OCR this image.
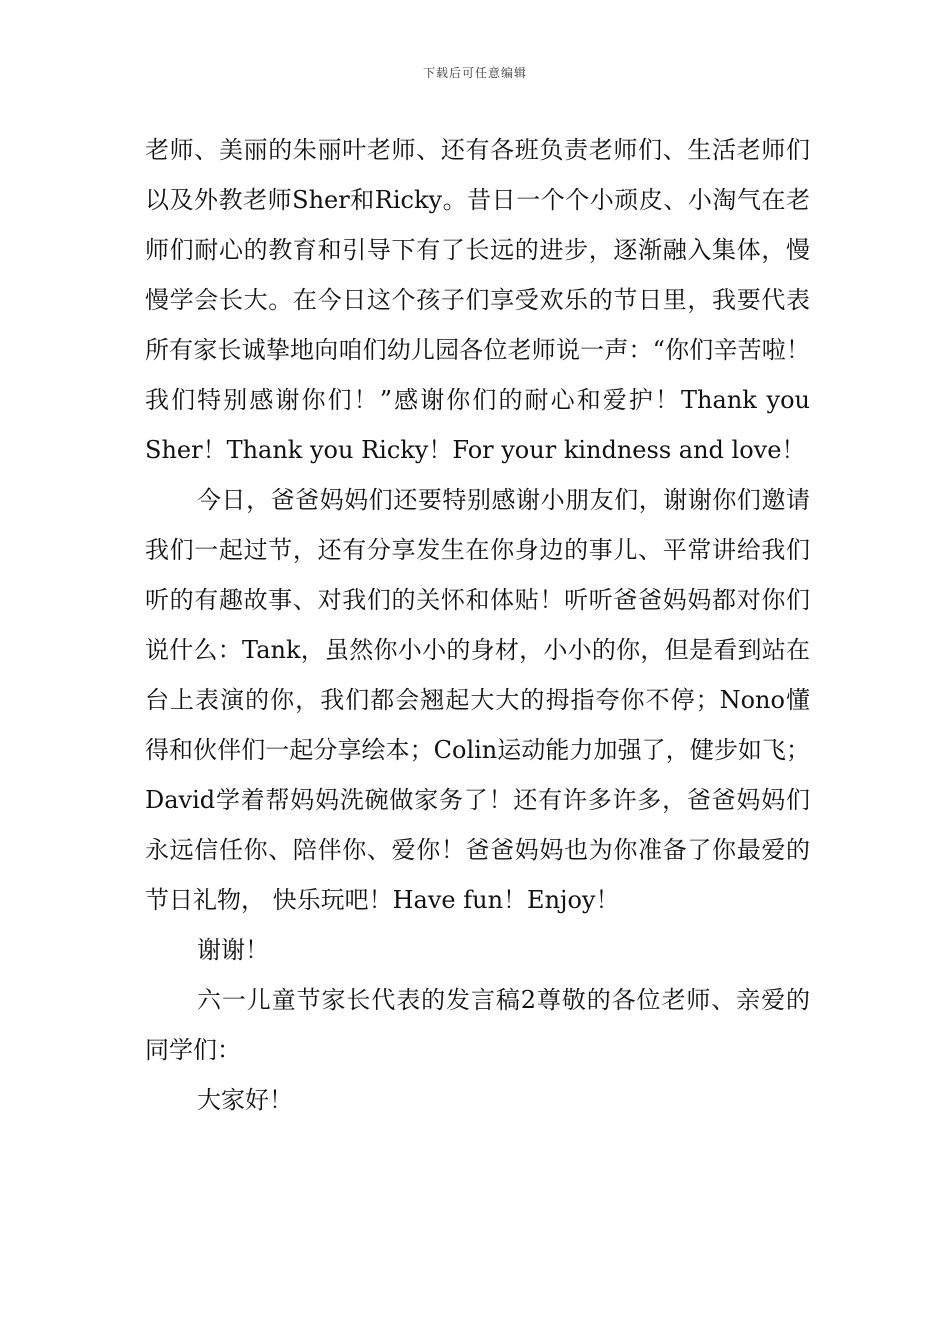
下载后可任意编辑

老师、美丽的朱丽叶老师、还有各班负责老师们、生活老师们以及外教老师Sher和Ricky。昔日一个个小顽皮、小淘气在老师们耐心的教育和引导下有了长远的进步，逐渐融入集体，慢慢学会长大。在今日这个孩子们享受欢乐的节日里，我要代表所有家长诚挚地向咱们幼儿园各位老师说一声：“你们辛苦啦！我们特别感谢你们！”感谢你们的耐心和爱护！Thank you Sher！Thank you Ricky！For your kindness and love！

今日，爸爸妈妈们还要特别感谢小朋友们，谢谢你们邀请我们一起过节，还有分享发生在你身边的事儿、平常讲给我们听的有趣故事、对我们的关怀和体贴！听听爸爸妈妈都对你们说什么：Tank，虽然你小小的身材，小小的你，但是看到站在台上表演的你，我们都会翘起大大的拇指夸你不停；Nono懂得和伙伴们一起分享绘本；Colin运动能力加强了，健步如飞；David学着帮妈妈洗碗做家务了！还有许多许多，爸爸妈妈们永远信任你、陪伴你、爱你！爸爸妈妈也为你准备了你最爱的节日礼物， 快乐玩吧！Have fun！Enjoy！

谢谢！

六一儿童节家长代表的发言稿2尊敬的各位老师、亲爱的同学们：

大家好！
